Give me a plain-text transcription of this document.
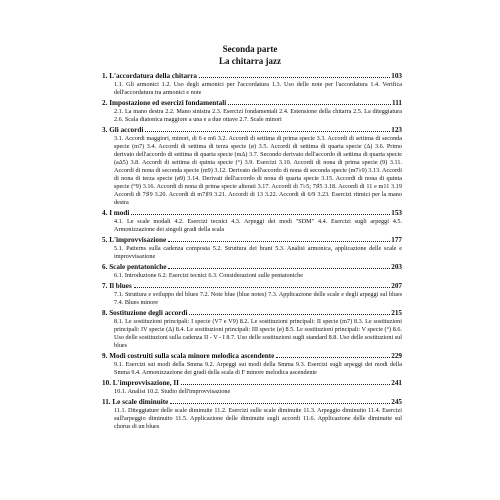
Seconda parte
La chitarra jazz
1. L'accordatura della chitarra	103
1.1. Gli armonici 1.2. Uso degli armonici per l'accordatura 1.3. Uso delle note per l'accordatura 1.4. Verifica dell'accordatura tra armonici e note
2. Impostazione ed esercizi fondamentali	111
2.1. La mano destra 2.2. Mano sinistra 2.3. Esercizi fondamentali 2.4. Estensione della chitarra 2.5. La diteggiatura 2.6. Scala diatonica maggiore a una e a due ottave 2.7. Scale minori
3. Gli accordi	123
3.1. Accordi maggiori, minori, di 6 e m6 3.2. Accordi di settima di prima specie 3.3. Accordi di settima di seconda specie (m7) 3.4. Accordi di settima di terza specie (ø) 3.5. Accordi di settima di quarta specie (Δ) 3.6. Primo derivato dell'accordo di settima di quarta specie (mΔ) 3.7. Secondo derivato dell'accordo di settima di quarta specie (aΔ5) 3.8. Accordi di settima di quinta specie (°) 3.9. Esercizi 3.10. Accordi di nona di prima specie (9) 3.11. Accordi di nona di seconda specie (m9) 3.12. Derivato dell'accordo di nona di seconda specie (m7♭9) 3.13. Accordi di nona di terza specie (ø9) 3.14. Derivati dell'accordo di nona di quarta specie 3.15. Accordi di nona di quinta specie (°9) 3.16. Accordi di nona di prima specie alterati 3.17. Accordi di 7♭5; 7♯5 3.18. Accordi di 11 e m11 3.19 Accordi di 7♯9 3.20. Accordi di m7♯9 3.21. Accordi di 13 3.22. Accordi di 6/9 3.23. Esercizi ritmici per la mano destra
4. I modi	153
4.1. Le scale modali 4.2. Esercizi tecnici 4.3. Arpeggi dei modi "SDM" 4.4. Esercizi sugli arpeggi 4.5. Armonizzazione dei singoli gradi della scala
5. L'improvvisazione	177
5.1. Patterns sulla cadenza composta 5.2. Struttura dei brani 5.3. Analisi armonica, applicazione delle scale e improvvisazione
6. Scale pentatoniche	203
6.1. Introduzione 6.2. Esercizi tecnici 6.3. Considerazioni sulle pentatoniche
7. Il blues	207
7.1. Struttura e sviluppo del blues 7.2. Note blue (blue notes) 7.3. Applicazione delle scale e degli arpeggi sul blues 7.4. Blues minore
8. Sostituzione degli accordi	215
8.1. Le sostituzioni principali: I specie (V7 e V9) 8.2. Le sostituzioni principali: II specie (m7) 8.3. Le sostituzioni principali: IV specie (Δ) 8.4. Le sostituzioni principali: III specie (ø) 8.5. Le sostituzioni principali: V specie (°) 8.6. Uso delle sostituzioni sulla cadenza II - V - I 8.7. Uso delle sostituzioni sugli standard 8.8. Uso delle sostituzioni sul blues
9. Modi costruiti sulla scala minore melodica ascendente	229
9.1. Esercizi sui modi della Smma 9.2. Arpeggi sui modi della Smma 9.3. Esercizi sugli arpeggi dei modi della Smma 9.4. Armonizzazione dei gradi della scala di F minore melodica ascendente
10. L'improvvisazione, II	241
10.1. Analisi 10.2. Studio dell'improvvisazione
11. Le scale diminuite	245
11.1. Diteggiature delle scale diminuite 11.2. Esercizi sulle scale diminuite 11.3. Arpeggio diminuito 11.4. Esercizi sull'arpeggio diminuito 11.5. Applicazione delle diminuite sugli accordi 11.6. Applicazione delle diminuite sul chorus di un blues
